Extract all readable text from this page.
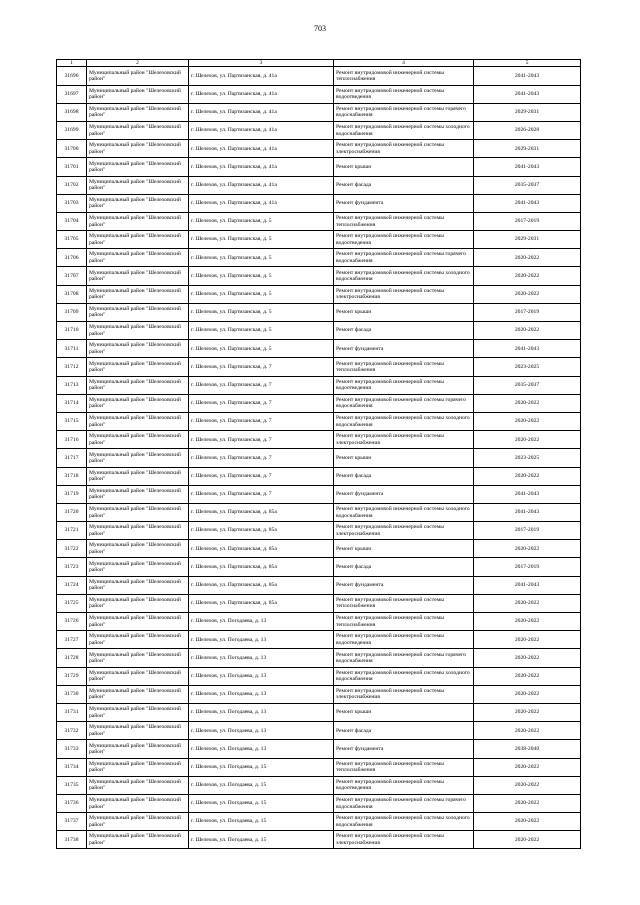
703
1	2	3	4	5
31696	Муниципальный район "Шелеховский район"	г. Шелехов, ул. Партизанская, д. 41а	Ремонт внутридомовой инженерной системы теплоснабжения	2041-2043
31697	Муниципальный район "Шелеховский район"	г. Шелехов, ул. Партизанская, д. 41а	Ремонт внутридомовой инженерной системы водоотведения	2041-2043
31698	Муниципальный район "Шелеховский район"	г. Шелехов, ул. Партизанская, д. 41а	Ремонт внутридомовой инженерной системы горячего водоснабжения	2029-2031
31699	Муниципальный район "Шелеховский район"	г. Шелехов, ул. Партизанская, д. 41а	Ремонт внутридомовой инженерной системы холодного водоснабжения	2026-2028
31700	Муниципальный район "Шелеховский район"	г. Шелехов, ул. Партизанская, д. 41а	Ремонт внутридомовой инженерной системы электроснабжения	2029-2031
31701	Муниципальный район "Шелеховский район"	г. Шелехов, ул. Партизанская, д. 41а	Ремонт крыши	2041-2043
31702	Муниципальный район "Шелеховский район"	г. Шелехов, ул. Партизанская, д. 41а	Ремонт фасада	2035-2037
31703	Муниципальный район "Шелеховский район"	г. Шелехов, ул. Партизанская, д. 41а	Ремонт фундамента	2041-2043
31704	Муниципальный район "Шелеховский район"	г. Шелехов, ул. Партизанская, д. 5	Ремонт внутридомовой инженерной системы теплоснабжения	2017-2019
31705	Муниципальный район "Шелеховский район"	г. Шелехов, ул. Партизанская, д. 5	Ремонт внутридомовой инженерной системы водоотведения	2029-2031
31706	Муниципальный район "Шелеховский район"	г. Шелехов, ул. Партизанская, д. 5	Ремонт внутридомовой инженерной системы горячего водоснабжения	2020-2022
31707	Муниципальный район "Шелеховский район"	г. Шелехов, ул. Партизанская, д. 5	Ремонт внутридомовой инженерной системы холодного водоснабжения	2020-2022
31708	Муниципальный район "Шелеховский район"	г. Шелехов, ул. Партизанская, д. 5	Ремонт внутридомовой инженерной системы электроснабжения	2020-2022
31709	Муниципальный район "Шелеховский район"	г. Шелехов, ул. Партизанская, д. 5	Ремонт крыши	2017-2019
31710	Муниципальный район "Шелеховский район"	г. Шелехов, ул. Партизанская, д. 5	Ремонт фасада	2020-2022
31711	Муниципальный район "Шелеховский район"	г. Шелехов, ул. Партизанская, д. 5	Ремонт фундамента	2041-2043
31712	Муниципальный район "Шелеховский район"	г. Шелехов, ул. Партизанская, д. 7	Ремонт внутридомовой инженерной системы теплоснабжения	2023-2025
31713	Муниципальный район "Шелеховский район"	г. Шелехов, ул. Партизанская, д. 7	Ремонт внутридомовой инженерной системы водоотведения	2035-2037
31714	Муниципальный район "Шелеховский район"	г. Шелехов, ул. Партизанская, д. 7	Ремонт внутридомовой инженерной системы горячего водоснабжения	2020-2022
31715	Муниципальный район "Шелеховский район"	г. Шелехов, ул. Партизанская, д. 7	Ремонт внутридомовой инженерной системы холодного водоснабжения	2020-2022
31716	Муниципальный район "Шелеховский район"	г. Шелехов, ул. Партизанская, д. 7	Ремонт внутридомовой инженерной системы электроснабжения	2020-2022
31717	Муниципальный район "Шелеховский район"	г. Шелехов, ул. Партизанская, д. 7	Ремонт крыши	2023-2025
31718	Муниципальный район "Шелеховский район"	г. Шелехов, ул. Партизанская, д. 7	Ремонт фасада	2020-2022
31719	Муниципальный район "Шелеховский район"	г. Шелехов, ул. Партизанская, д. 7	Ремонт фундамента	2041-2043
31720	Муниципальный район "Шелеховский район"	г. Шелехов, ул. Партизанская, д. 85а	Ремонт внутридомовой инженерной системы холодного водоснабжения	2041-2043
31721	Муниципальный район "Шелеховский район"	г. Шелехов, ул. Партизанская, д. 85а	Ремонт внутридомовой инженерной системы электроснабжения	2017-2019
31722	Муниципальный район "Шелеховский район"	г. Шелехов, ул. Партизанская, д. 85а	Ремонт крыши	2020-2022
31723	Муниципальный район "Шелеховский район"	г. Шелехов, ул. Партизанская, д. 85а	Ремонт фасада	2017-2019
31724	Муниципальный район "Шелеховский район"	г. Шелехов, ул. Партизанская, д. 85а	Ремонт фундамента	2041-2043
31725	Муниципальный район "Шелеховский район"	г. Шелехов, ул. Партизанская, д. 85а	Ремонт внутридомовой инженерной системы теплоснабжения	2020-2022
31726	Муниципальный район "Шелеховский район"	г. Шелехов, ул. Погодаева, д. 13	Ремонт внутридомовой инженерной системы теплоснабжения	2020-2022
31727	Муниципальный район "Шелеховский район"	г. Шелехов, ул. Погодаева, д. 13	Ремонт внутридомовой инженерной системы водоотведения	2020-2022
31728	Муниципальный район "Шелеховский район"	г. Шелехов, ул. Погодаева, д. 13	Ремонт внутридомовой инженерной системы горячего водоснабжения	2020-2022
31729	Муниципальный район "Шелеховский район"	г. Шелехов, ул. Погодаева, д. 13	Ремонт внутридомовой инженерной системы холодного водоснабжения	2020-2022
31730	Муниципальный район "Шелеховский район"	г. Шелехов, ул. Погодаева, д. 13	Ремонт внутридомовой инженерной системы электроснабжения	2020-2022
31731	Муниципальный район "Шелеховский район"	г. Шелехов, ул. Погодаева, д. 13	Ремонт крыши	2020-2022
31732	Муниципальный район "Шелеховский район"	г. Шелехов, ул. Погодаева, д. 13	Ремонт фасада	2020-2022
31733	Муниципальный район "Шелеховский район"	г. Шелехов, ул. Погодаева, д. 13	Ремонт фундамента	2038-2040
31734	Муниципальный район "Шелеховский район"	г. Шелехов, ул. Погодаева, д. 15	Ремонт внутридомовой инженерной системы теплоснабжения	2020-2022
31735	Муниципальный район "Шелеховский район"	г. Шелехов, ул. Погодаева, д. 15	Ремонт внутридомовой инженерной системы водоотведения	2020-2022
31736	Муниципальный район "Шелеховский район"	г. Шелехов, ул. Погодаева, д. 15	Ремонт внутридомовой инженерной системы горячего водоснабжения	2020-2022
31737	Муниципальный район "Шелеховский район"	г. Шелехов, ул. Погодаева, д. 15	Ремонт внутридомовой инженерной системы холодного водоснабжения	2020-2022
31738	Муниципальный район "Шелеховский район"	г. Шелехов, ул. Погодаева, д. 15	Ремонт внутридомовой инженерной системы электроснабжения	2020-2022
